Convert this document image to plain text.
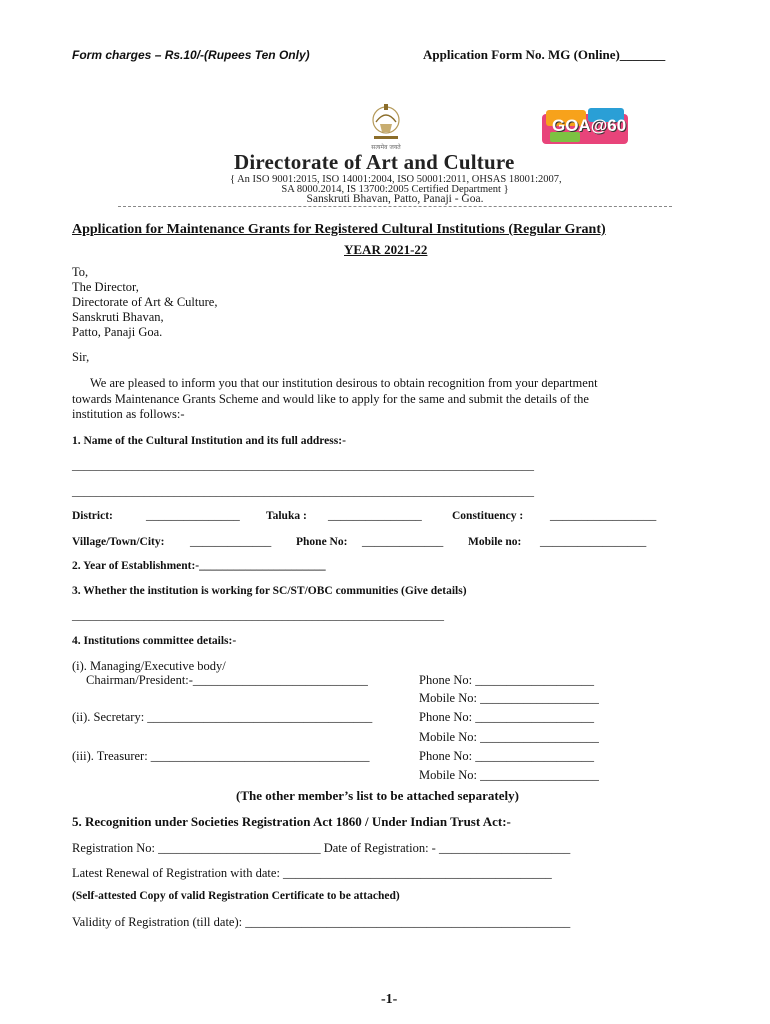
Form charges – Rs.10/-(Rupees Ten Only)	Application Form No. MG (Online)_______
सत्यमेव जयते
GOA@60
Directorate of Art and Culture
{ An ISO 9001:2015, ISO 14001:2004, ISO 50001:2011, OHSAS 18001:2007,
SA 8000.2014, IS 13700:2005 Certified Department }
Sanskruti Bhavan, Patto, Panaji - Goa.
Application for Maintenance Grants for Registered Cultural Institutions (Regular Grant)
YEAR 2021-22
To,
The Director,
Directorate of Art & Culture,
Sanskruti Bhavan,
Patto, Panaji Goa.
Sir,
We are pleased to inform you that our institution desirous to obtain recognition from your department
towards Maintenance Grants Scheme and would like to apply for the same and submit the details of the
institution as follows:-
1. Name of the Cultural Institution and its full address:-
_____________________________________________________________________________
_____________________________________________________________________________
District:	_______________ Taluka : _______________	Constituency : _________________
Village/Town/City: _____________ Phone No: _____________ Mobile no: _________________
2. Year of Establishment:-______________________
3. Whether the institution is working for SC/ST/OBC communities (Give details)
______________________________________________________________
4. Institutions committee details:-
(i). Managing/Executive body/
Chairman/President:-____________________________	Phone No: ___________________
Mobile No: ___________________
(ii). Secretary: ____________________________________	Phone No: ___________________
Mobile No: ___________________
(iii). Treasurer: ___________________________________	Phone No: ___________________
Mobile No: ___________________
(The other member’s list to be attached separately)
5. Recognition under Societies Registration Act 1860 / Under Indian Trust Act:-
Registration No: __________________________ Date of Registration: - _____________________
Latest Renewal of Registration with date: ___________________________________________
(Self-attested Copy of valid Registration Certificate to be attached)
Validity of Registration (till date): ____________________________________________________
-1-
